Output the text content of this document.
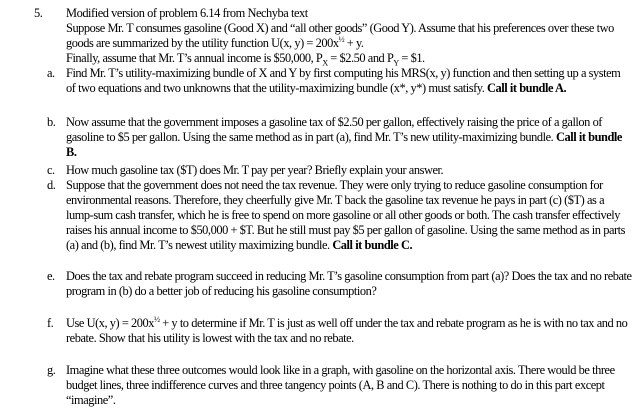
5. Modified version of problem 6.14 from Nechyba text

Suppose Mr. T consumes gasoline (Good X) and “all other goods” (Good Y). Assume that his preferences over these two goods are summarized by the utility function U(x, $y) = 200x^{\frac{1}{2}} + y$.

Finally, assume that Mr. T’s annual income is $50,000, $P_X$ = $2.50 and $P_Y$ = $1.

a. Find Mr. T’s utility-maximizing bundle of X and Y by first computing his MRS(x, y) function and then setting up a system of two equations and two unknowns that the utility-maximizing bundle (x*, y*) must satisfy. Call it bundle A.
b. Now assume that the government imposes a gasoline tax of $2.50 per gallon, effectively raising the price of a gallon of gasoline to $5 per gallon. Using the same method as in part (a), find Mr. T’s new utility-maximizing bundle. Call it bundle B.
c. How much gasoline tax ($T) does Mr. T pay per year? Briefly explain your answer.
d. Suppose that the government does not need the tax revenue. They were only trying to reduce gasoline consumption for environmental reasons. Therefore, they cheerfully give Mr. T back the gasoline tax revenue he pays in part (c) ($T) as a lump-sum cash transfer, which he is free to spend on more gasoline or all other goods or both. The cash transfer effectively raises his annual income to $50,000 + $T. But he still must pay $5 per gallon of gasoline. Using the same method as in parts (a) and (b), find Mr. T’s newest utility maximizing bundle. Call it bundle C.
e. Does the tax and rebate program succeed in reducing Mr. T’s gasoline consumption from part (a)? Does the tax and no rebate program in (b) do a better job of reducing his gasoline consumption?
f. Use U(x, $y) = 200x^{\frac{1}{2}} + y$ to determine if Mr. T is just as well off under the tax and rebate program as he is with no tax and no rebate. Show that his utility is lowest with the tax and no rebate.
g. Imagine what these three outcomes would look like in a graph, with gasoline on the horizontal axis. There would be three budget lines, three indifference curves and three tangency points (A, B and C). There is nothing to do in this part except “imagine”.
